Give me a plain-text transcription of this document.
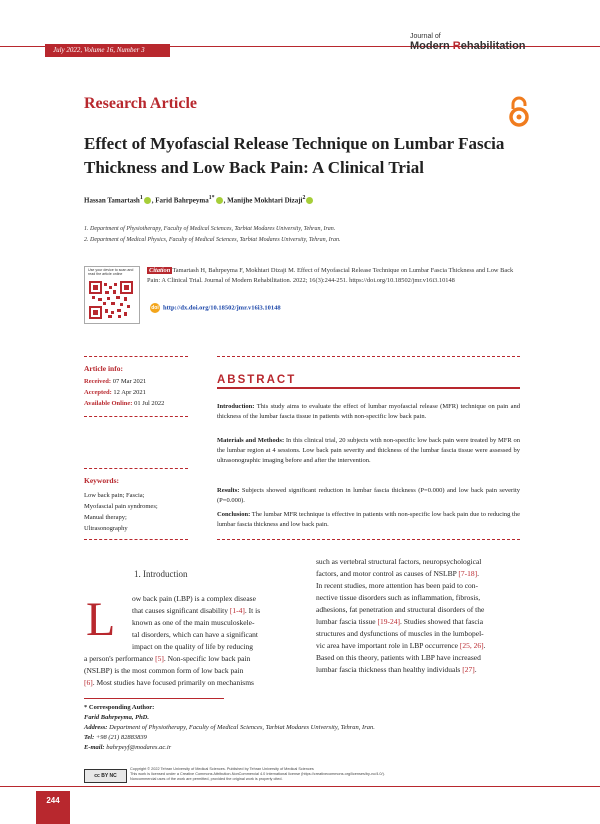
July 2022, Volume 16, Number 3
Journal of
Modern Rehabilitation
Research Article
Effect of Myofascial Release Technique on Lumbar Fascia Thickness and Low Back Pain: A Clinical Trial
Hassan Tamartash$^1$ , Farid Bahrpeyma$^{1*}$ , Manijhe Mokhtari Dizaji$^2$
1. Department of Physiotherapy, Faculty of Medical Sciences, Tarbiat Modares University, Tehran, Iran.
2. Department of Medical Physics, Faculty of Medical Sciences, Tarbiat Modares University, Tehran, Iran.
Use your device to scan and read the article online	Citation Tamartash H, Bahrpeyma F, Mokhtari Dizaji M. Effect of Myofascial Release Technique on Lumbar Fascia Thickness and Low Back Pain: A Clinical Trial. Journal of Modern Rehabilitation. 2022; 16(3):244-251. https://doi.org/10.18502/jmr.v16i3.10148
doi http://dx.doi.org/10.18502/jmr.v16i3.10148
Article info:
Received: 07 Mar 2021
Accepted: 12 Apr 2021
Available Online: 01 Jul 2022
Keywords:
Low back pain; Fascia;
Myofascial pain syndromes;
Manual therapy;
Ultrasonography
ABSTRACT
Introduction: This study aims to evaluate the effect of lumbar myofascial release (MFR) technique on pain and thickness of the lumbar fascia tissue in patients with non-specific low back pain.
Materials and Methods: In this clinical trial, 20 subjects with non-specific low back pain were treated by MFR on the lumbar region at 4 sessions. Low back pain severity and thickness of the lumbar fascia tissue were assessed by ultrasonographic imaging before and after the intervention.
Results: Subjects showed significant reduction in lumbar fascia thickness (P=0.000) and low back pain severity (P=0.000).
Conclusion: The lumbar MFR technique is effective in patients with non-specific low back pain due to reducing the lumbar fascia thickness and low back pain.
1. Introduction
L ow back pain (LBP) is a complex disease
that causes significant disability [1-4]. It is
known as one of the main musculoskele-
tal disorders, which can have a significant
impact on the quality of life by reducing
a person's performance [5]. Non-specific low back pain
(NSLBP) is the most common form of low back pain
[6]. Most studies have focused primarily on mechanisms
such as vertebral structural factors, neuropsychological
factors, and motor control as causes of NSLBP [7-18].
In recent studies, more attention has been paid to con-
nective tissue disorders such as inflammation, fibrosis,
adhesions, fat penetration and structural disorders of the
lumbar fascia tissue [19-24]. Studies showed that fascia
structures and dysfunctions of muscles in the lumbopel-
vic area have important role in LBP occurrence [25, 26].
Based on this theory, patients with LBP have increased
lumbar fascia thickness than healthy individuals [27].
* Corresponding Author:
Farid Bahrpeyma, PhD.
Address: Department of Physiotherapy, Faculty of Medical Sciences, Tarbiat Modares University, Tehran, Iran.
Tel: +98 (21) 82883839
E-mail: bahrpeyf@modares.ac.ir
cc BY NC
Copyright © 2022 Tehran University of Medical Sciences. Published by Tehran University of Medical Sciences
This work is licensed under a Creative Commons Attribution-NonCommercial 4.0 International license (https://creativecommons.org/licenses/by-nc/4.0/).
Noncommercial uses of the work are permitted, provided the original work is properly cited.
244
